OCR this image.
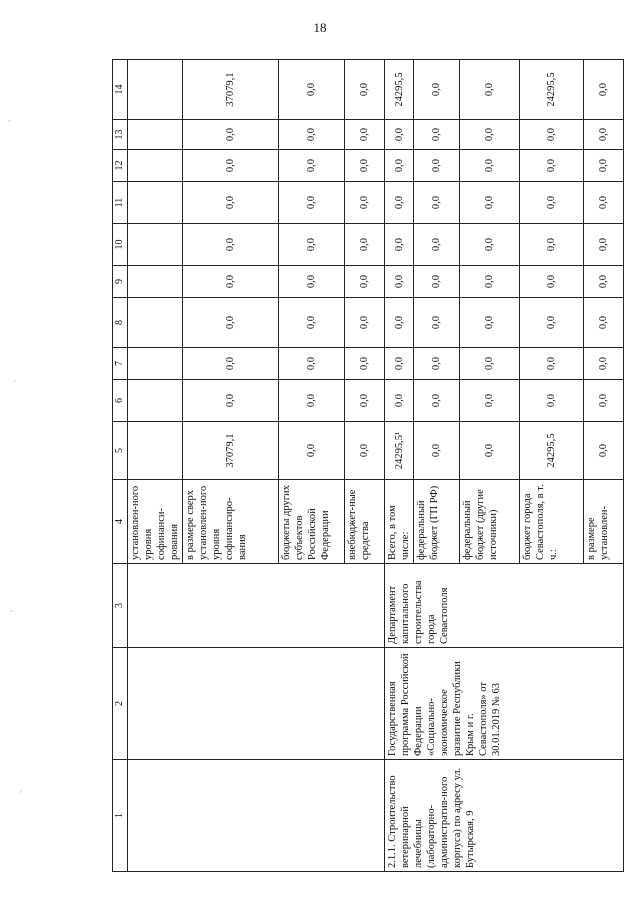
18
1	2	3	4	5	6	7	8	9	10	11	12	13	14
			установлен-ного уровня софинанси-рования										
			в размере сверх установлен-ного уровня софинансиро-вания	37079,1	0,0	0,0	0,0	0,0	0,0	0,0	0,0	0,0	37079,1
			бюджеты других субъектов Российской Федерации	0,0	0,0	0,0	0,0	0,0	0,0	0,0	0,0	0,0	0,0
			внебюджет-ные средства	0,0	0,0	0,0	0,0	0,0	0,0	0,0	0,0	0,0	0,0
2.1.1. Строительство ветеринарной лечебницы (лабораторно-административ-ного корпуса) по адресу ул. Бутырская, 9	Государственная программа Российской Федерации «Социально-экономическое развитие Республики Крым и г. Севастополя» от 30.01.2019 № 63	Департамент капитального строительства города Севастополя	Всего, в том числе:	24295,5¹	0,0	0,0	0,0	0,0	0,0	0,0	0,0	0,0	24295,5
			федеральный бюджет (ГП РФ)	0,0	0,0	0,0	0,0	0,0	0,0	0,0	0,0	0,0	0,0
			федеральный бюджет (другие источники)	0,0	0,0	0,0	0,0	0,0	0,0	0,0	0,0	0,0	0,0
			бюджет города Севастополя, в т. ч.:	24295,5	0,0	0,0	0,0	0,0	0,0	0,0	0,0	0,0	24295,5
			в размере установлен-	0,0	0,0	0,0	0,0	0,0	0,0	0,0	0,0	0,0	0,0
